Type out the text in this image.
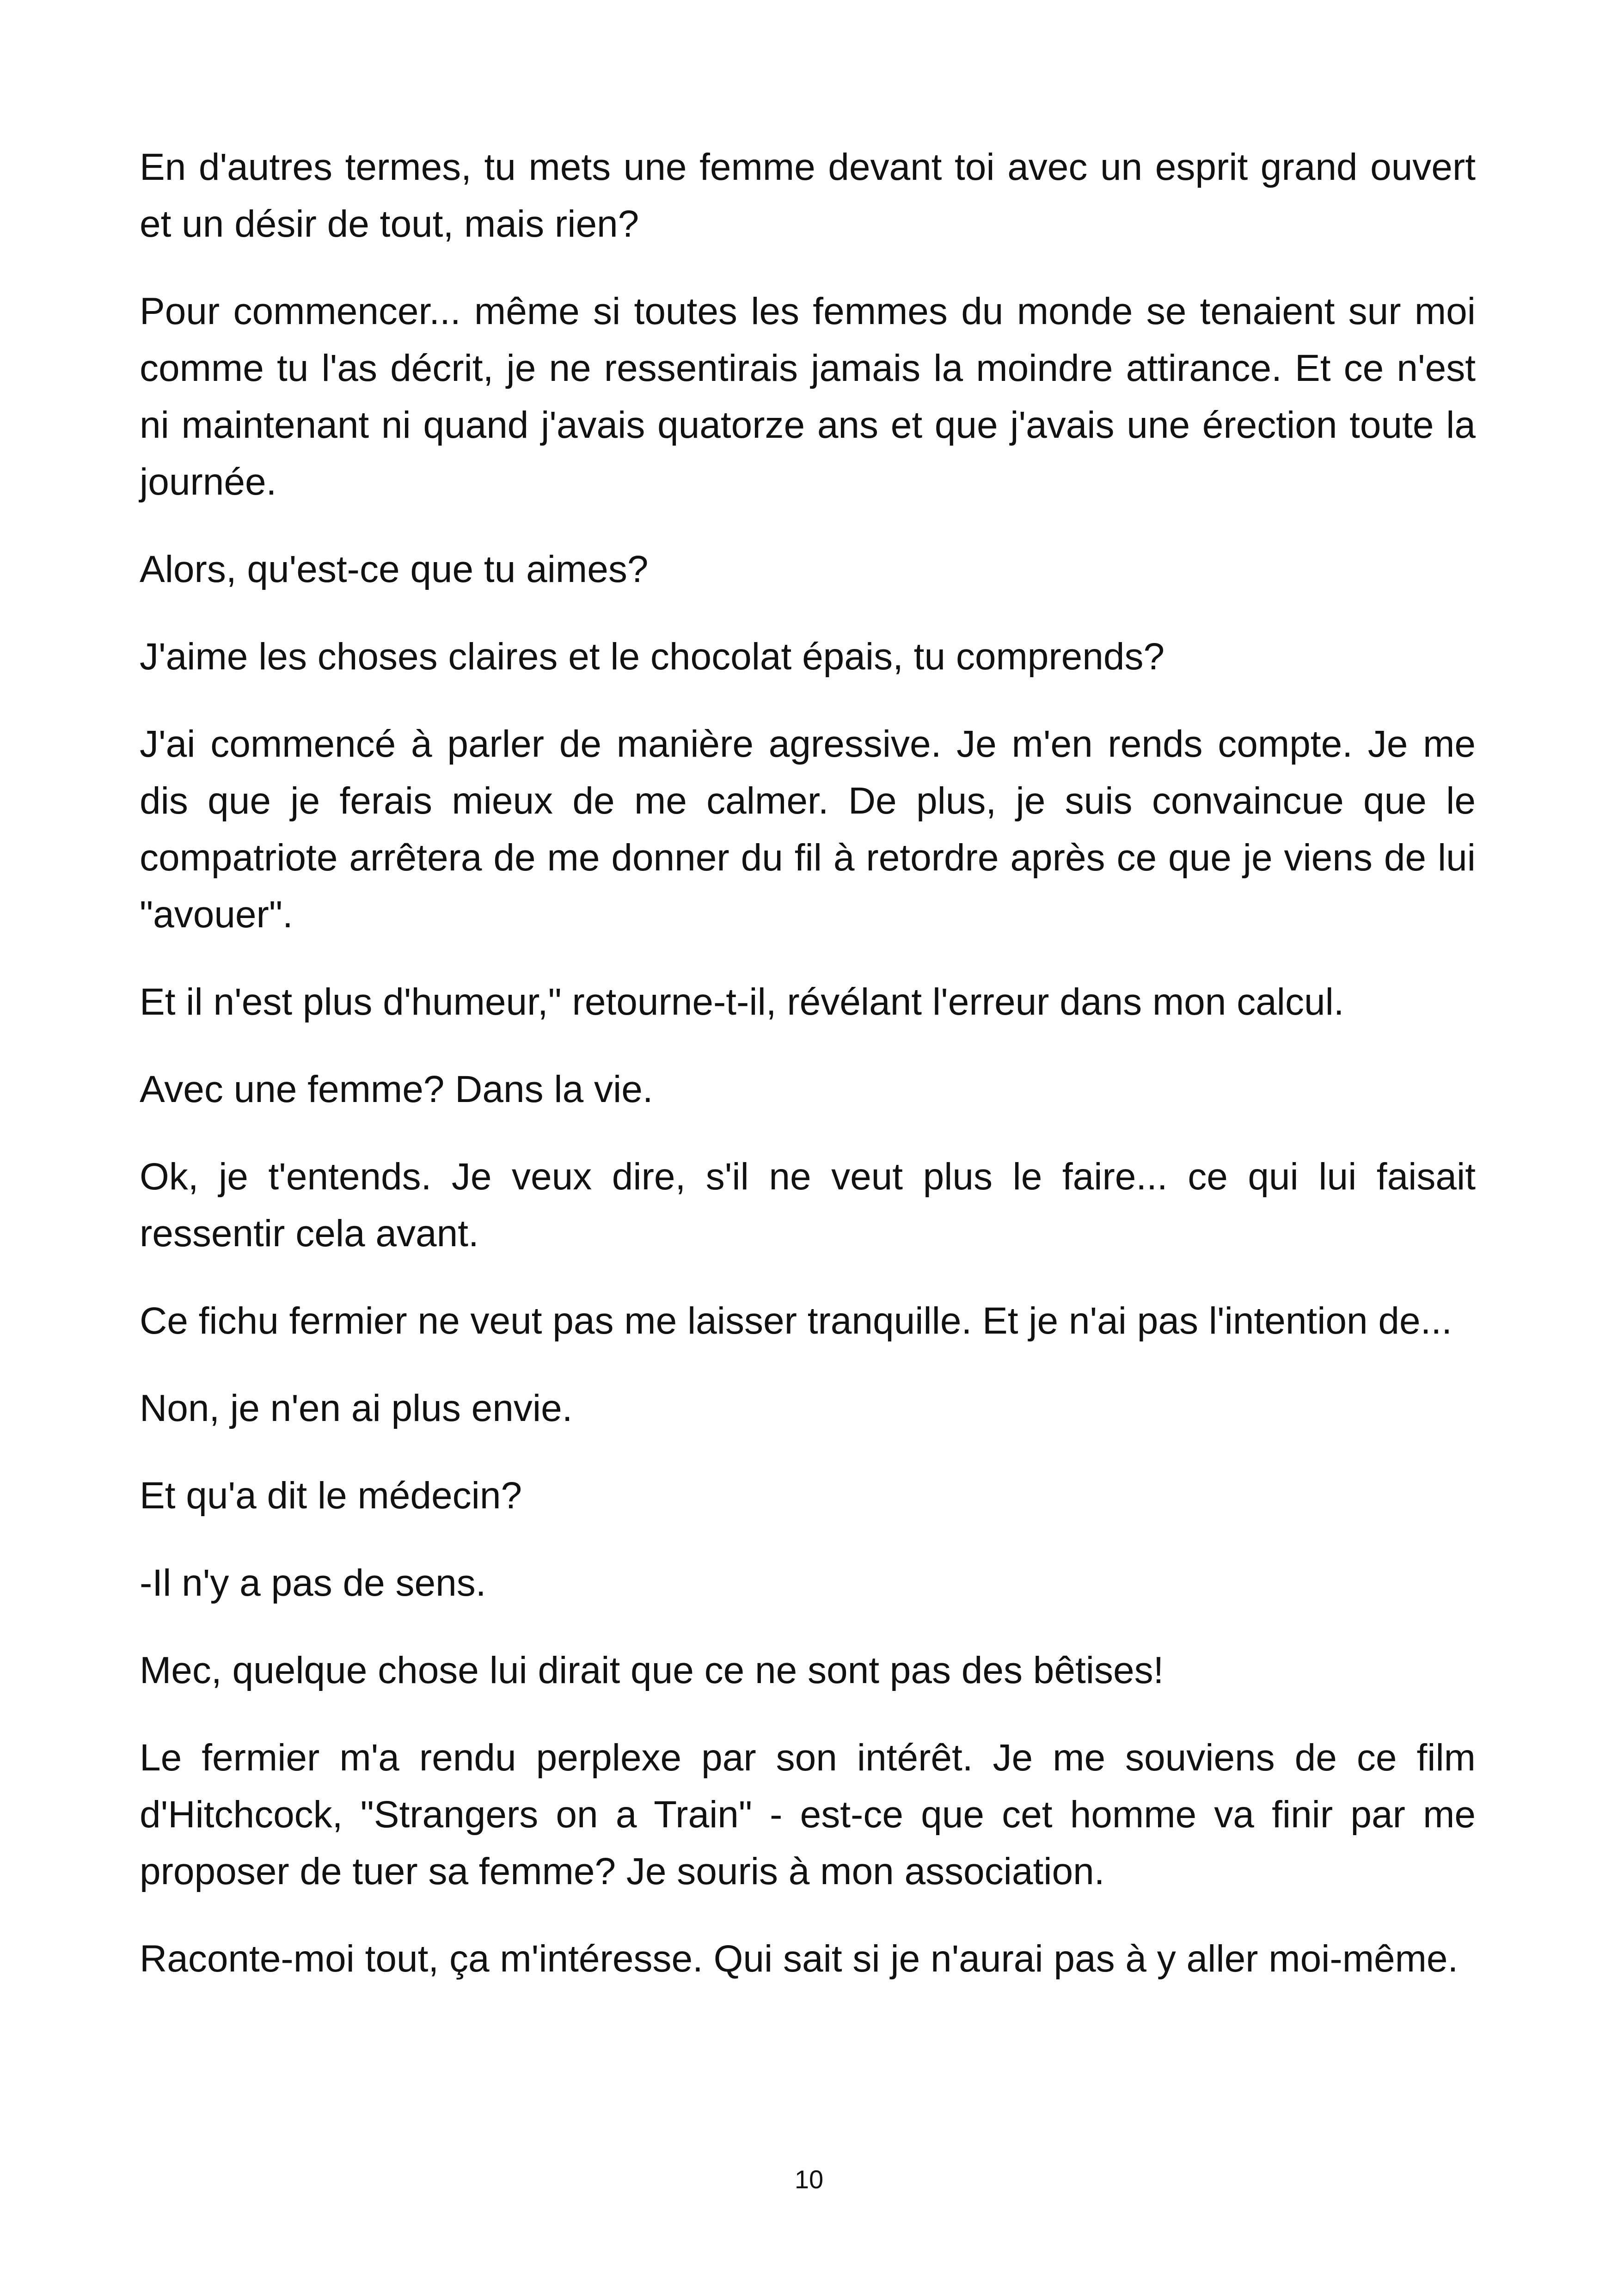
En d'autres termes, tu mets une femme devant toi avec un esprit grand ouvert et un désir de tout, mais rien?

Pour commencer... même si toutes les femmes du monde se tenaient sur moi comme tu l'as décrit, je ne ressentirais jamais la moindre attirance. Et ce n'est ni maintenant ni quand j'avais quatorze ans et que j'avais une érection toute la journée.

Alors, qu'est-ce que tu aimes?

J'aime les choses claires et le chocolat épais, tu comprends?

J'ai commencé à parler de manière agressive. Je m'en rends compte. Je me dis que je ferais mieux de me calmer. De plus, je suis convaincue que le compatriote arrêtera de me donner du fil à retordre après ce que je viens de lui "avouer".

Et il n'est plus d'humeur," retourne-t-il, révélant l'erreur dans mon calcul.

Avec une femme? Dans la vie.

Ok, je t'entends. Je veux dire, s'il ne veut plus le faire... ce qui lui faisait ressentir cela avant.

Ce fichu fermier ne veut pas me laisser tranquille. Et je n'ai pas l'intention de...

Non, je n'en ai plus envie.

Et qu'a dit le médecin?

-Il n'y a pas de sens.

Mec, quelque chose lui dirait que ce ne sont pas des bêtises!

Le fermier m'a rendu perplexe par son intérêt. Je me souviens de ce film d'Hitchcock, "Strangers on a Train" - est-ce que cet homme va finir par me proposer de tuer sa femme? Je souris à mon association.

Raconte-moi tout, ça m'intéresse. Qui sait si je n'aurai pas à y aller moi-même.

10
